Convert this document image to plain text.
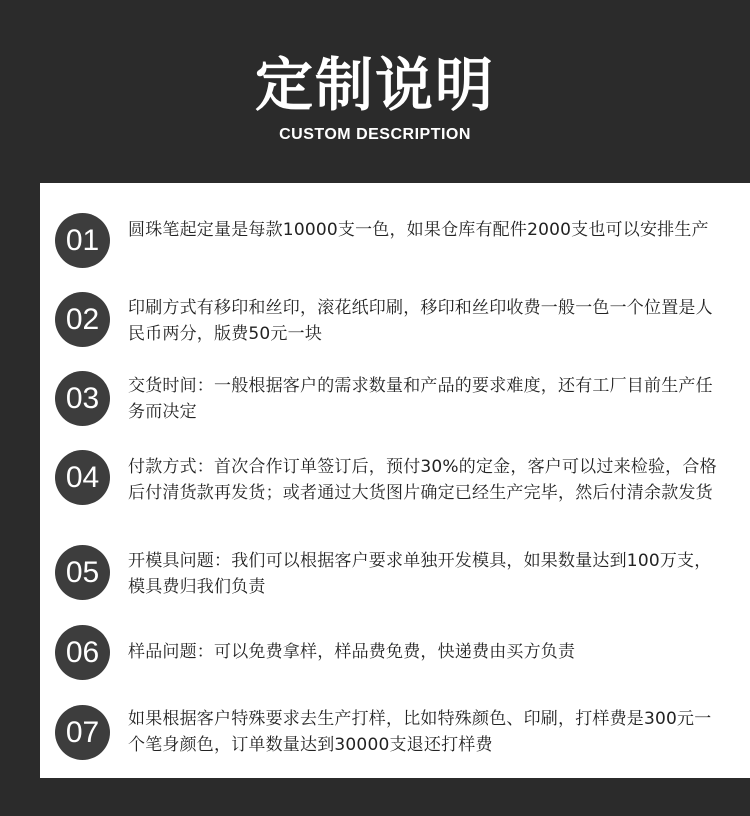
定制说明
CUSTOM DESCRIPTION
01	圆珠笔起定量是每款10000支一色，如果仓库有配件2000支也可以安排生产
02	印刷方式有移印和丝印，滚花纸印刷，移印和丝印收费一般一色一个位置是人民币两分，版费50元一块
03	交货时间：一般根据客户的需求数量和产品的要求难度，还有工厂目前生产任务而决定
04	付款方式：首次合作订单签订后，预付30%的定金，客户可以过来检验，合格后付清货款再发货；或者通过大货图片确定已经生产完毕，然后付清余款发货
05	开模具问题：我们可以根据客户要求单独开发模具，如果数量达到100万支，模具费归我们负责
06	样品问题：可以免费拿样，样品费免费，快递费由买方负责
07	如果根据客户特殊要求去生产打样，比如特殊颜色、印刷，打样费是300元一个笔身颜色，订单数量达到30000支退还打样费
